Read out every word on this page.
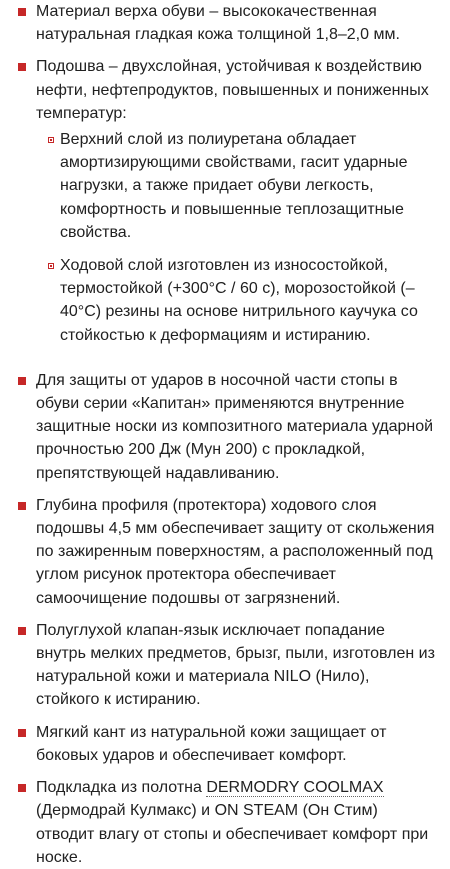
Материал верха обуви – высококачественная натуральная гладкая кожа толщиной 1,8–2,0 мм.
Подошва – двухслойная, устойчивая к воздействию нефти, нефтепродуктов, повышенных и пониженных температур:
Верхний слой из полиуретана обладает амортизирующими свойствами, гасит ударные нагрузки, а также придает обуви легкость, комфортность и повышенные теплозащитные свойства.
Ходовой слой изготовлен из износостойкой, термостойкой (+300°С / 60 с), морозостойкой (–40°С) резины на основе нитрильного каучука со стойкостью к деформациям и истиранию.
Для защиты от ударов в носочной части стопы в обуви серии «Капитан» применяются внутренние защитные носки из композитного материала ударной прочностью 200 Дж (Мун 200) с прокладкой, препятствующей надавливанию.
Глубина профиля (протектора) ходового слоя подошвы 4,5 мм обеспечивает защиту от скольжения по зажиренным поверхностям, а расположенный под углом рисунок протектора обеспечивает самоочищение подошвы от загрязнений.
Полуглухой клапан-язык исключает попадание внутрь мелких предметов, брызг, пыли, изготовлен из натуральной кожи и материала NILO (Нило), стойкого к истиранию.
Мягкий кант из натуральной кожи защищает от боковых ударов и обеспечивает комфорт.
Подкладка из полотна DERMODRY COOLMAX (Дермодрай Кулмакс) и ON STEAM (Он Стим) отводит влагу от стопы и обеспечивает комфорт при носке.
